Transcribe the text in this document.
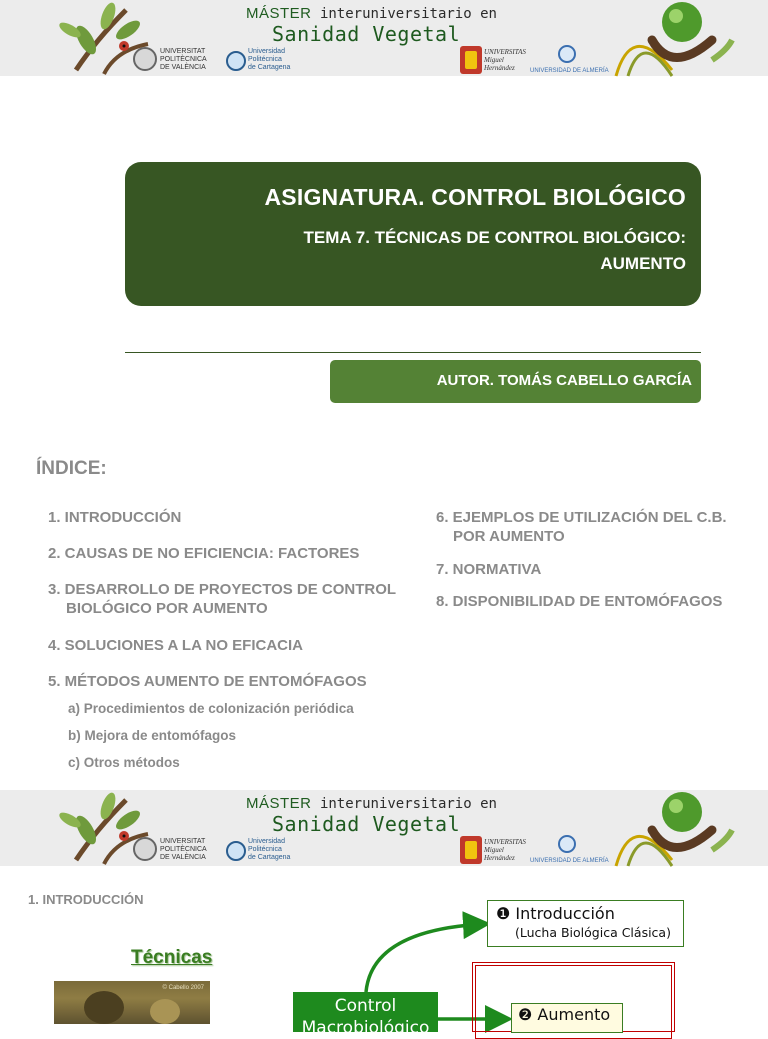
MÁSTER interuniversitario en
Sanidad Vegetal
UNIVERSITAT
POLITÈCNICA
DE VALÈNCIA
Universidad
Politécnica
de Cartagena
UNIVERSITAS
Miguel
Hernández	UNIVERSIDAD DE ALMERÍA
ASIGNATURA. CONTROL BIOLÓGICO
TEMA 7. TÉCNICAS DE CONTROL BIOLÓGICO:
AUMENTO
AUTOR. TOMÁS CABELLO GARCÍA
ÍNDICE:
1. INTRODUCCIÓN
2. CAUSAS DE NO EFICIENCIA: FACTORES
3. DESARROLLO DE PROYECTOS DE CONTROL
BIOLÓGICO POR AUMENTO
4. SOLUCIONES A LA NO EFICACIA
5. MÉTODOS AUMENTO DE ENTOMÓFAGOS
a) Procedimientos de colonización periódica
b) Mejora de entomófagos
c) Otros métodos
6. EJEMPLOS DE UTILIZACIÓN DEL C.B.
POR AUMENTO
7. NORMATIVA
8. DISPONIBILIDAD DE ENTOMÓFAGOS
MÁSTER interuniversitario en
Sanidad Vegetal
UNIVERSITAT
POLITÈCNICA
DE VALÈNCIA
Universidad
Politécnica
de Cartagena
UNIVERSITAS
Miguel
Hernández	UNIVERSIDAD DE ALMERÍA
1. INTRODUCCIÓN
Técnicas
© Cabello 2007
❶ Introducción
(Lucha Biológica Clásica)
❷ Aumento
Control
Macrobiológico
